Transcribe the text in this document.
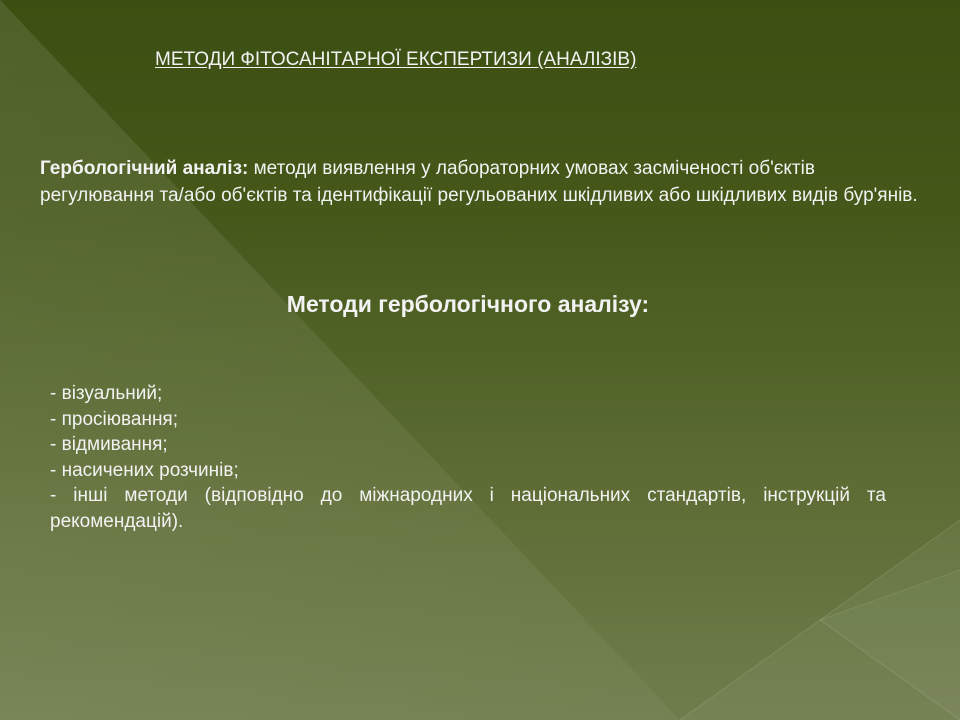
МЕТОДИ ФІТОСАНІТАРНОЇ ЕКСПЕРТИЗИ (АНАЛІЗІВ)
Гербологічний аналіз: методи виявлення у лабораторних умовах засміченості об'єктів регулювання та/або об'єктів та ідентифікації регульованих шкідливих або шкідливих видів бур'янів.
Методи гербологічного аналізу:
- візуальний;
- просіювання;
- відмивання;
- насичених розчинів;
- інші методи (відповідно до міжнародних і національних стандартів, інструкцій та рекомендацій).
